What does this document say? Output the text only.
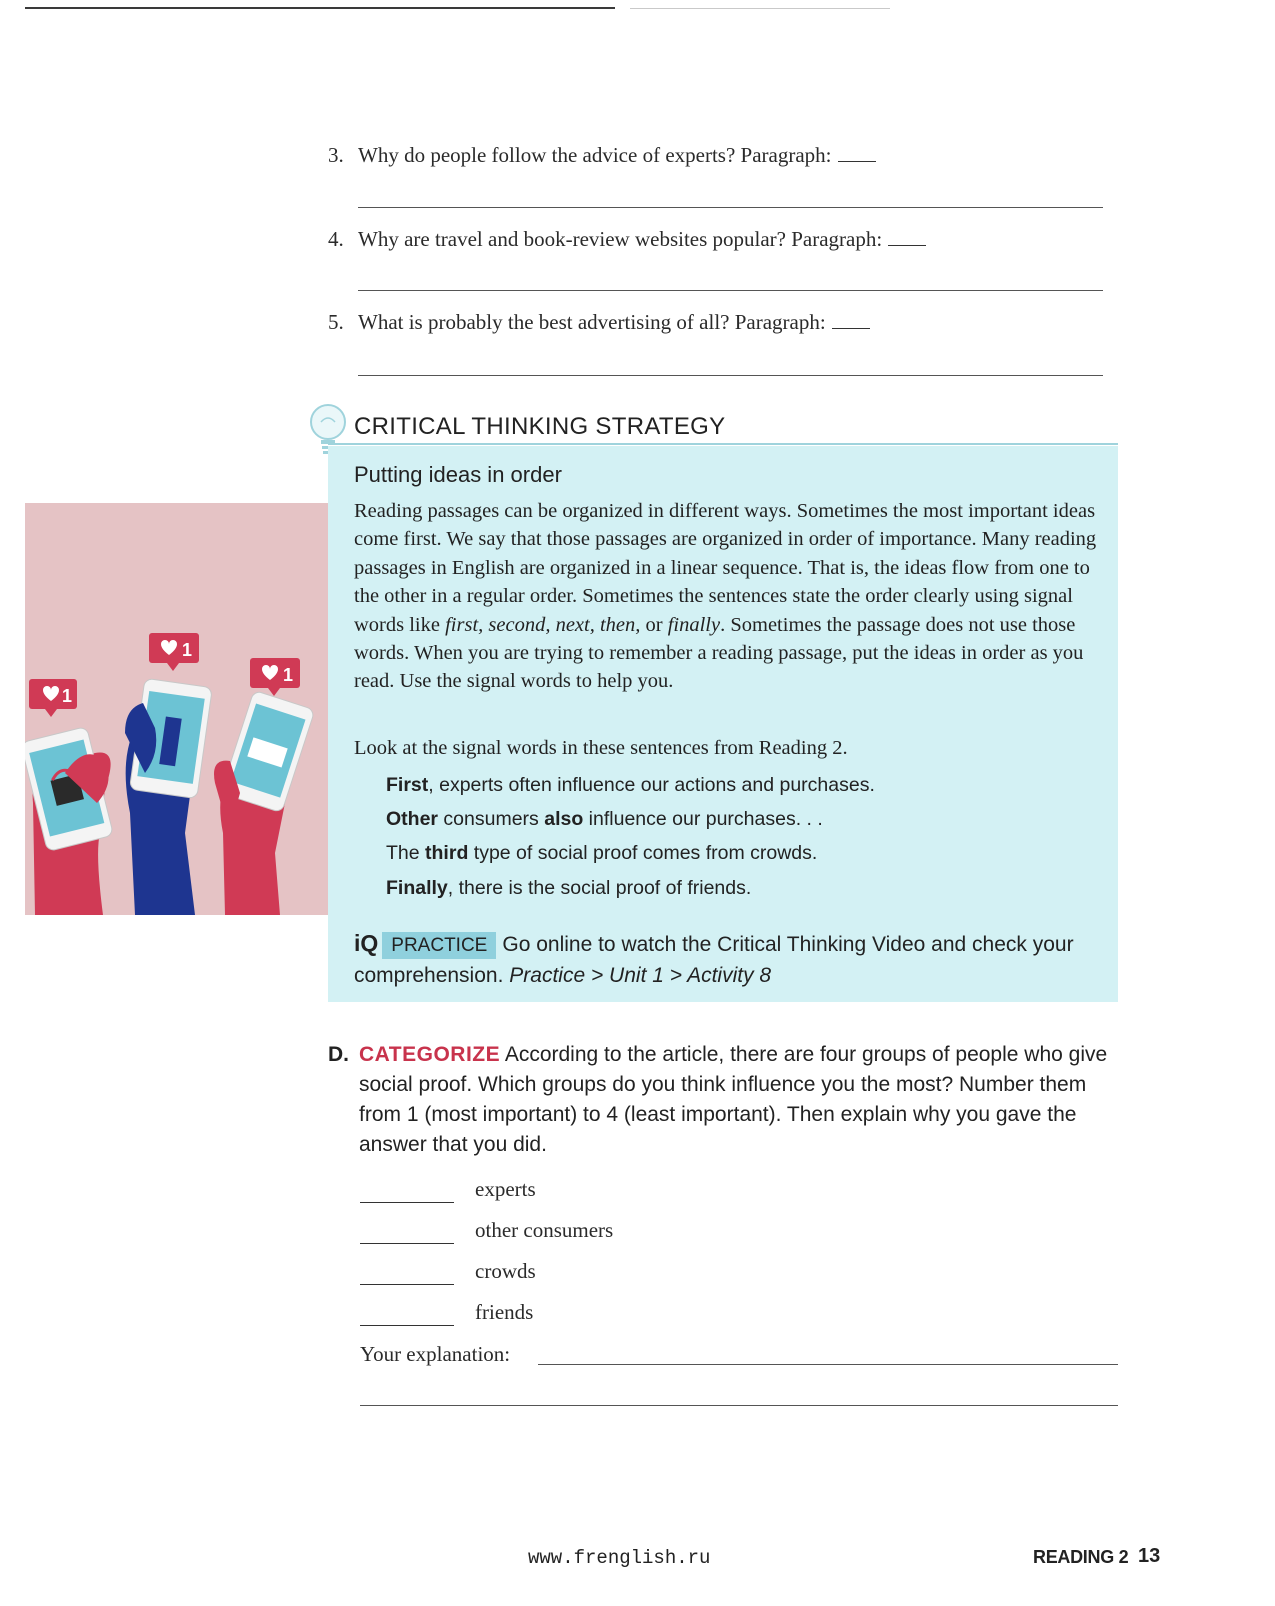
3. Why do people follow the advice of experts? Paragraph:
4. Why are travel and book-review websites popular? Paragraph:
5. What is probably the best advertising of all? Paragraph:
CRITICAL THINKING STRATEGY
Putting ideas in order
Reading passages can be organized in different ways. Sometimes the most important ideas come first. We say that those passages are organized in order of importance. Many reading passages in English are organized in a linear sequence. That is, the ideas flow from one to the other in a regular order. Sometimes the sentences state the order clearly using signal words like first, second, next, then, or finally. Sometimes the passage does not use those words. When you are trying to remember a reading passage, put the ideas in order as you read. Use the signal words to help you.
Look at the signal words in these sentences from Reading 2.
First, experts often influence our actions and purchases.
Other consumers also influence our purchases. . .
The third type of social proof comes from crowds.
Finally, there is the social proof of friends.
iQ PRACTICE Go online to watch the Critical Thinking Video and check your comprehension. Practice > Unit 1 > Activity 8
1
1
1
D. CATEGORIZE According to the article, there are four groups of people who give social proof. Which groups do you think influence you the most? Number them from 1 (most important) to 4 (least important). Then explain why you gave the answer that you did.
experts
other consumers
crowds
friends
Your explanation:
www.frenglish.ru	READING 2 13
